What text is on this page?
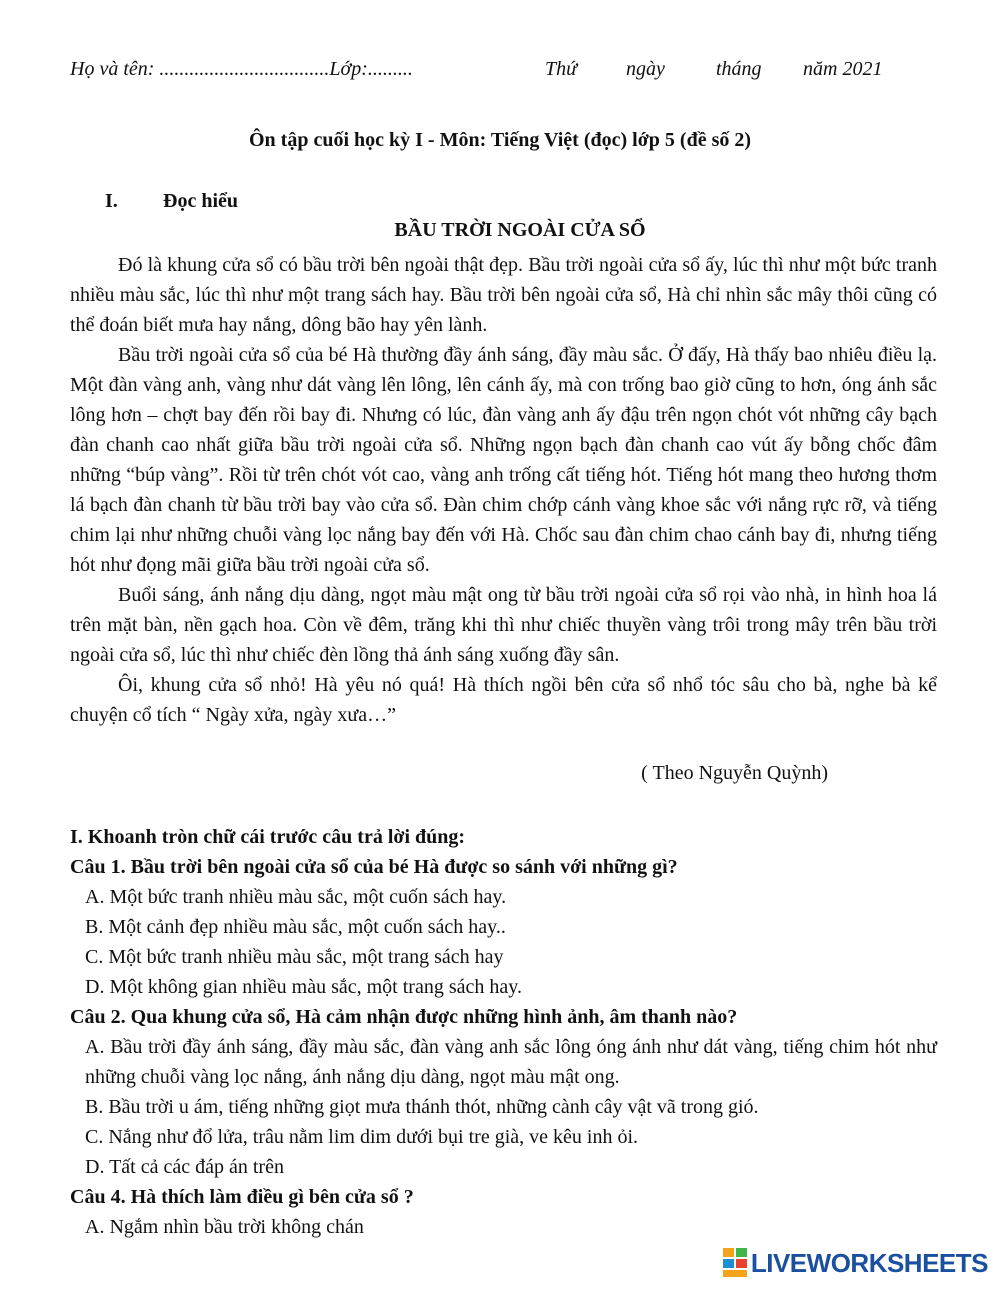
Họ và tên: ..................................Lớp:.........	Thứ ngày	tháng năm 2021
Ôn tập cuối học kỳ I - Môn: Tiếng Việt (đọc) lớp 5 (đề số 2)
I. Đọc hiểu
BẦU TRỜI NGOÀI CỬA SỔ

Đó là khung cửa sổ có bầu trời bên ngoài thật đẹp. Bầu trời ngoài cửa sổ ấy, lúc thì như một bức tranh nhiều màu sắc, lúc thì như một trang sách hay. Bầu trời bên ngoài cửa sổ, Hà chỉ nhìn sắc mây thôi cũng có thể đoán biết mưa hay nắng, dông bão hay yên lành.

Bầu trời ngoài cửa sổ của bé Hà thường đầy ánh sáng, đầy màu sắc. Ở đấy, Hà thấy bao nhiêu điều lạ. Một đàn vàng anh, vàng như dát vàng lên lông, lên cánh ấy, mà con trống bao giờ cũng to hơn, óng ánh sắc lông hơn – chợt bay đến rồi bay đi. Nhưng có lúc, đàn vàng anh ấy đậu trên ngọn chót vót những cây bạch đàn chanh cao nhất giữa bầu trời ngoài cửa sổ. Những ngọn bạch đàn chanh cao vút ấy bỗng chốc đâm những “búp vàng”. Rồi từ trên chót vót cao, vàng anh trống cất tiếng hót. Tiếng hót mang theo hương thơm lá bạch đàn chanh từ bầu trời bay vào cửa sổ. Đàn chim chớp cánh vàng khoe sắc với nắng rực rỡ, và tiếng chim lại như những chuỗi vàng lọc nắng bay đến với Hà. Chốc sau đàn chim chao cánh bay đi, nhưng tiếng hót như đọng mãi giữa bầu trời ngoài cửa sổ.

Buổi sáng, ánh nắng dịu dàng, ngọt màu mật ong từ bầu trời ngoài cửa sổ rọi vào nhà, in hình hoa lá trên mặt bàn, nền gạch hoa. Còn về đêm, trăng khi thì như chiếc thuyền vàng trôi trong mây trên bầu trời ngoài cửa sổ, lúc thì như chiếc đèn lồng thả ánh sáng xuống đầy sân.

Ôi, khung cửa sổ nhỏ! Hà yêu nó quá! Hà thích ngồi bên cửa sổ nhổ tóc sâu cho bà, nghe bà kể chuyện cổ tích “ Ngày xửa, ngày xưa…”

( Theo Nguyễn Quỳnh)

I. Khoanh tròn chữ cái trước câu trả lời đúng:

Câu 1. Bầu trời bên ngoài cửa sổ của bé Hà được so sánh với những gì?

A. Một bức tranh nhiều màu sắc, một cuốn sách hay.

B. Một cảnh đẹp nhiều màu sắc, một cuốn sách hay..

C. Một bức tranh nhiều màu sắc, một trang sách hay

D. Một không gian nhiều màu sắc, một trang sách hay.

Câu 2. Qua khung cửa sổ, Hà cảm nhận được những hình ảnh, âm thanh nào?

A. Bầu trời đầy ánh sáng, đầy màu sắc, đàn vàng anh sắc lông óng ánh như dát vàng, tiếng chim hót như những chuỗi vàng lọc nắng, ánh nắng dịu dàng, ngọt màu mật ong.

B. Bầu trời u ám, tiếng những giọt mưa thánh thót, những cành cây vật vã trong gió.

C. Nắng như đổ lửa, trâu nằm lim dim dưới bụi tre già, ve kêu inh ỏi.

D. Tất cả các đáp án trên

Câu 4. Hà thích làm điều gì bên cửa sổ ?

A. Ngắm nhìn bầu trời không chán

LIVEWORKSHEETS
